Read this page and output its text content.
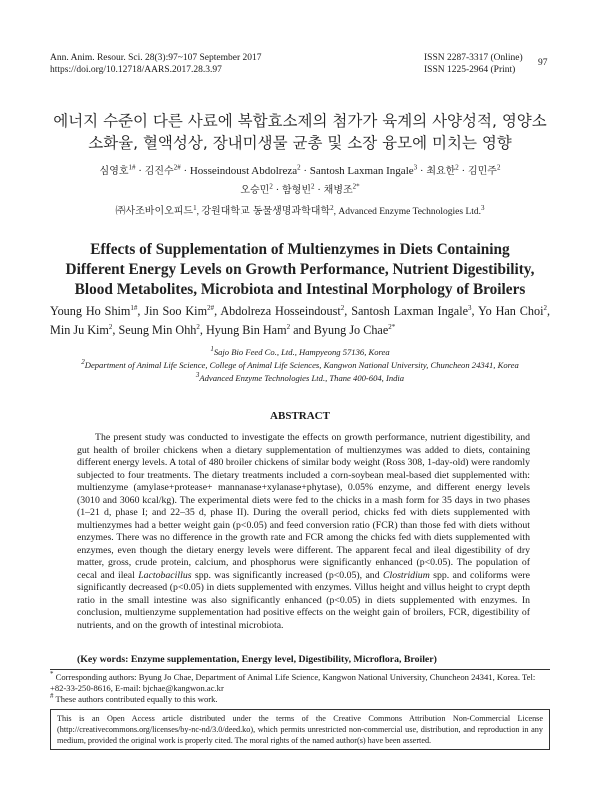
Ann. Anim. Resour. Sci. 28(3):97~107 September 2017
https://doi.org/10.12718/AARS.2017.28.3.97
ISSN 2287-3317 (Online)
ISSN 1225-2964 (Print)
97
에너지 수준이 다른 사료에 복합효소제의 첨가가 육계의 사양성적, 영양소
소화율, 혈액성상, 장내미생물 균총 및 소장 융모에 미치는 영향
심영호$^{1\#}$ · 김진수$^{2\#}$ · Hosseindoust Abdolreza$^2$ · Santosh Laxman Ingale$^3$ · 최요한$^2$ · 김민주$^2$
오승민$^2$ · 함형빈$^2$ · 채병조$^{2*}$
㈜사조바이오피드$^1$, 강원대학교 동물생명과학대학$^2$, Advanced Enzyme Technologies Ltd.$^3$
Effects of Supplementation of Multienzymes in Diets Containing
Different Energy Levels on Growth Performance, Nutrient Digestibility,
Blood Metabolites, Microbiota and Intestinal Morphology of Broilers
Young Ho Shim$^{1\#}$, Jin Soo Kim$^{2\#}$, Abdolreza Hosseindoust$^2$, Santosh Laxman Ingale$^3$, Yo Han Choi$^2$, Min Ju Kim$^2$, Seung Min Ohh$^2$, Hyung Bin Ham$^2$ and Byung Jo Chae$^{2*}$
$^1$Sajo Bio Feed Co., Ltd., Hampyeong 57136, Korea
$^2$Department of Animal Life Science, College of Animal Life Sciences, Kangwon National University, Chuncheon 24341, Korea
$^3$Advanced Enzyme Technologies Ltd., Thane 400-604, India
ABSTRACT

The present study was conducted to investigate the effects on growth performance, nutrient digestibility, and gut health of broiler chickens when a dietary supplementation of multienzymes was added to diets, containing different energy levels. A total of 480 broiler chickens of similar body weight (Ross 308, 1-day-old) were randomly subjected to four treatments. The dietary treatments included a corn-soybean meal-based diet supplemented with: multienzyme (amylase+protease+ mannanase+xylanase+phytase), 0.05% enzyme, and different energy levels (3010 and 3060 kcal/kg). The experimental diets were fed to the chicks in a mash form for 35 days in two phases (1–21 d, phase I; and 22–35 d, phase II). During the overall period, chicks fed with diets supplemented with multienzymes had a better weight gain (p<0.05) and feed conversion ratio (FCR) than those fed with diets without enzymes. There was no difference in the growth rate and FCR among the chicks fed with diets supplemented with enzymes, even though the dietary energy levels were different. The apparent fecal and ileal digestibility of dry matter, gross, crude protein, calcium, and phosphorus were significantly enhanced (p<0.05). The population of cecal and ileal Lactobacillus spp. was significantly increased (p<0.05), and Clostridium spp. and coliforms were significantly decreased (p<0.05) in diets supplemented with enzymes. Villus height and villus height to crypt depth ratio in the small intestine was also significantly enhanced (p<0.05) in diets supplemented with enzymes. In conclusion, multienzyme supplementation had positive effects on the weight gain of broilers, FCR, digestibility of nutrients, and on the growth of intestinal microbiota.

(Key words: Enzyme supplementation, Energy level, Digestibility, Microflora, Broiler)
* Corresponding authors: Byung Jo Chae, Department of Animal Life Science, Kangwon National University, Chuncheon 24341, Korea. Tel: +82-33-250-8616, E-mail: bjchae@kangwon.ac.kr
# These authors contributed equally to this work.
This is an Open Access article distributed under the terms of the Creative Commons Attribution Non-Commercial License (http://creativecommons.org/licenses/by-nc-nd/3.0/deed.ko), which permits unrestricted non-commercial use, distribution, and reproduction in any medium, provided the original work is properly cited. The moral rights of the named author(s) have been asserted.
